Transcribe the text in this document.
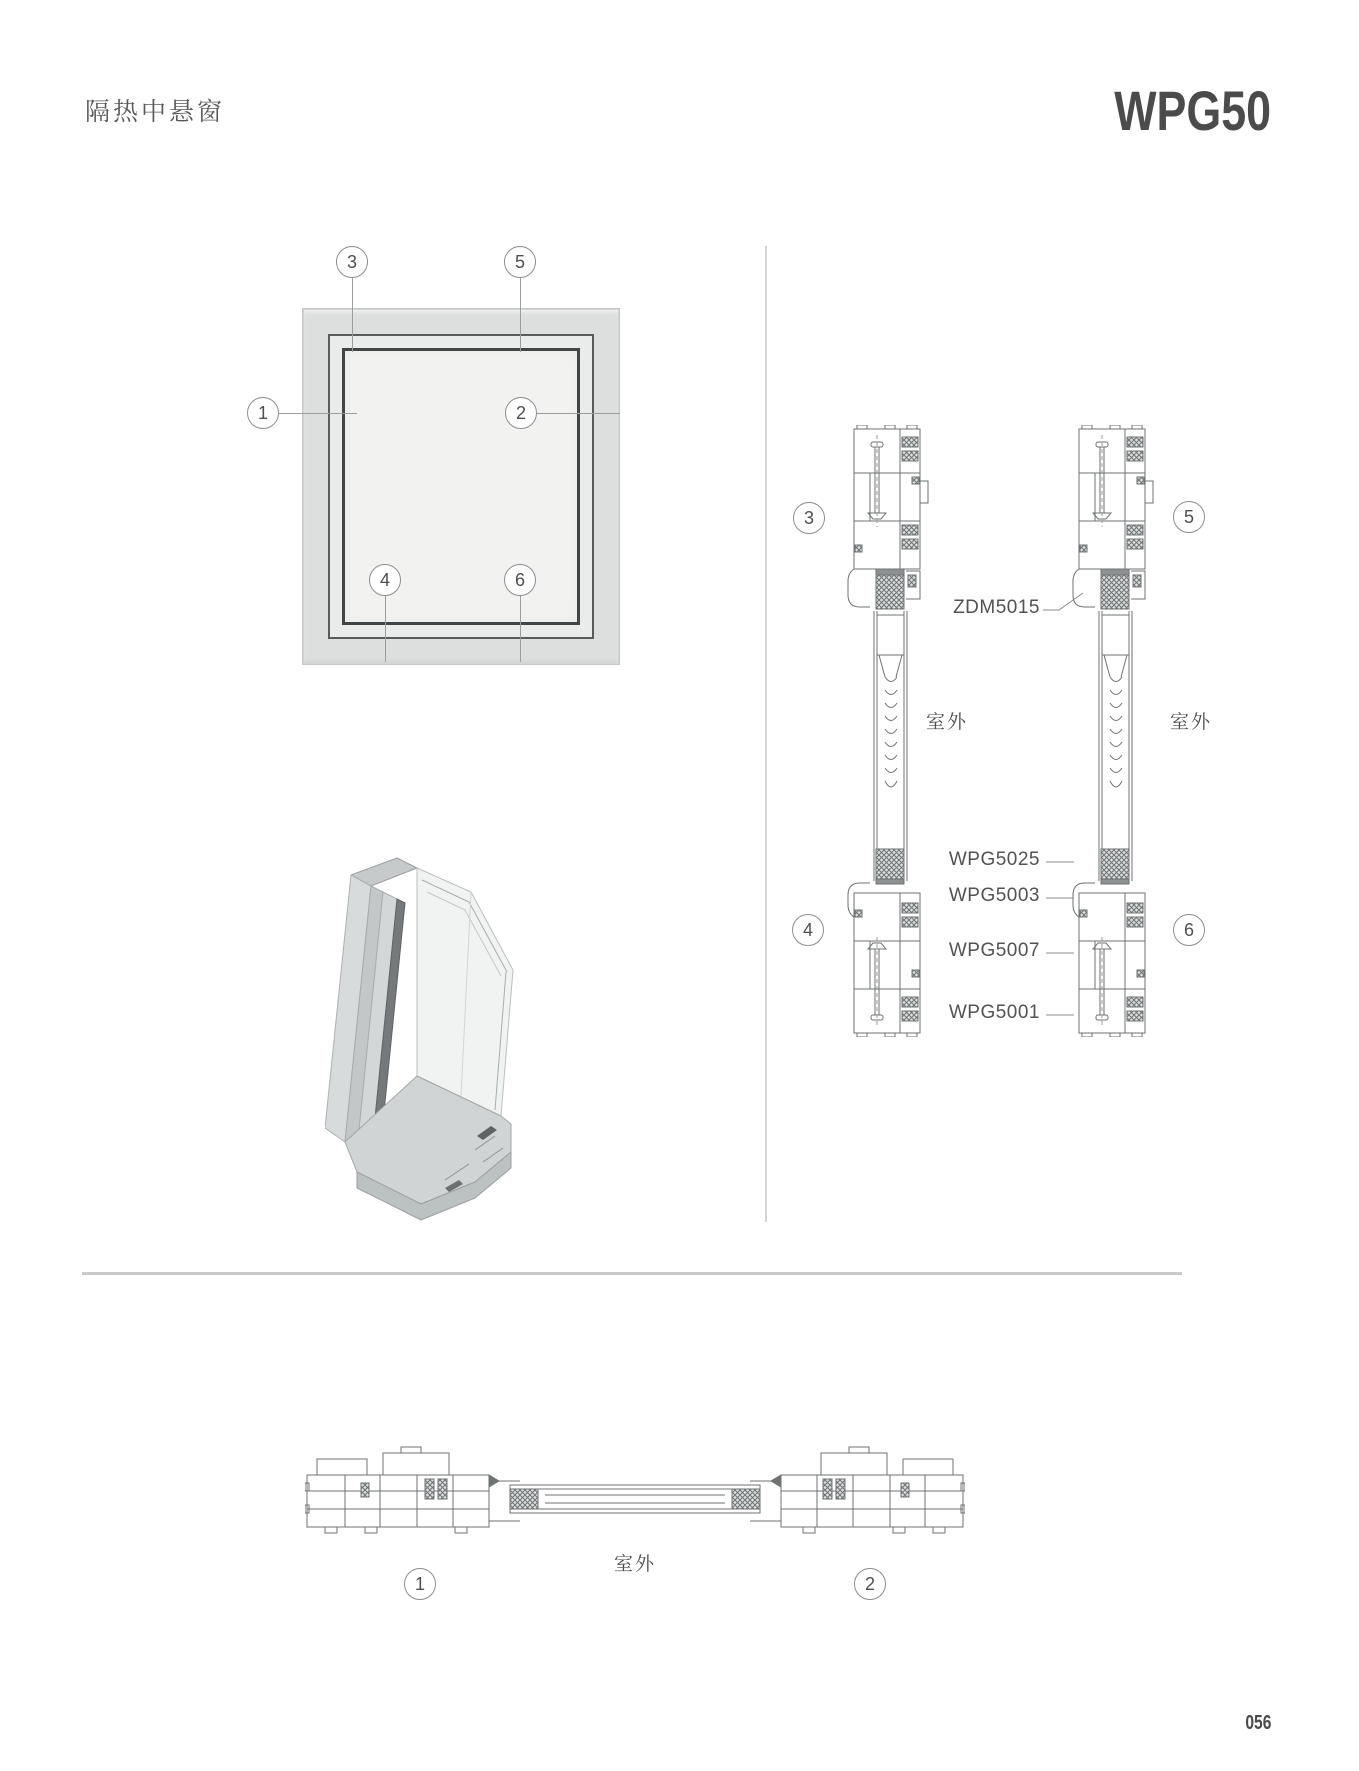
隔热中悬窗	WPG50
3	5
1	2
4	6
3
4
5
6
ZDM5015
WPG5025
WPG5003
WPG5007
WPG5001
室外	室外
室外
1	2
056
